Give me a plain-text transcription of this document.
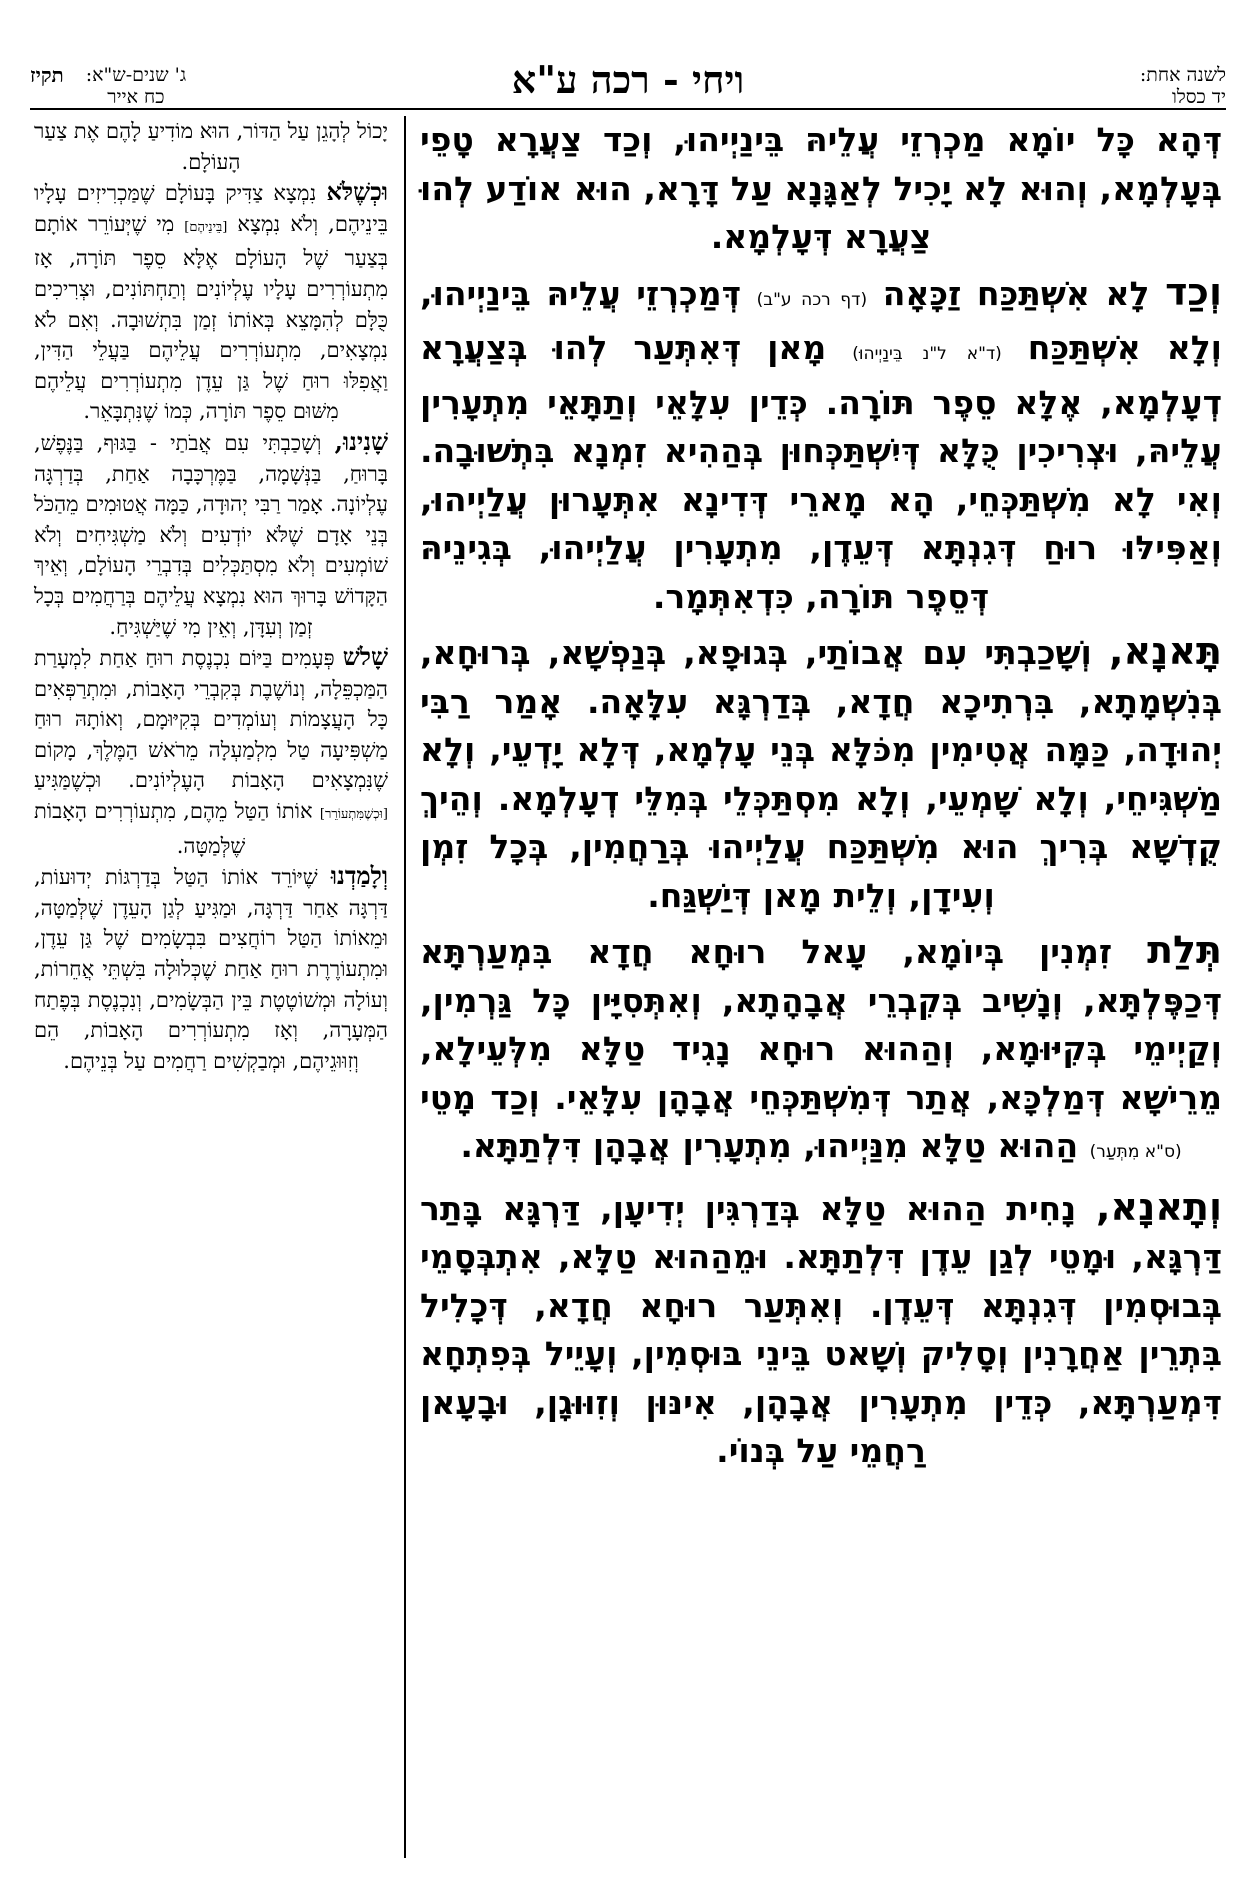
לשנה אחת:
יד כסלו
ויחי - רכה ע"א
ג' שנים-ש"א:
כח אייר
תקיז

דְּהָא כָּל יוֹמָא מַכְרְזֵי עֲלֵיהּ בֵּינַיְיהוּ, וְכַד צַעֲרָא טָפֵי בְּעָלְמָא, וְהוּא לָא יָכִיל לְאַגָּנָא עַל דָּרָא, הוּא אוֹדַע לְהוּ צַעֲרָא דְּעָלְמָא.

וְכַד לָא אִשְׁתַּכַּח זַכָּאָה (דף רכה ע"ב) דְּמַכְרְזֵי עֲלֵיהּ בֵּינַיְיהוּ, וְלָא אִשְׁתַּכַּח (ד"א ל"נ בֵּינַיְיהוּ) מָאן דְּאִתְּעַר לְהוּ בְּצַעֲרָא דְעָלְמָא, אֶלָּא סֵפֶר תּוֹרָה. כְּדֵין עִלָּאֵי וְתַתָּאֵי מִתְעָרִין עֲלֵיהּ, וּצְרִיכִין כֻּלָּא דְּיִשְׁתַּכְּחוּן בְּהַהִיא זִמְנָא בִּתְשׁוּבָה. וְאִי לָא מִשְׁתַּכְּחֵי, הָא מָארֵי דְּדִינָא אִתְּעָרוּן עֲלַיְיהוּ, וְאַפִּילּוּ רוּחַ דְּגִנְתָּא דְּעֵדֶן, מִתְעָרִין עֲלַיְיהוּ, בְּגִינֵיהּ דְּסֵפֶר תּוֹרָה, כִּדְאִתְּמָר.

תָּאנָא, וְשָׁכַבְתִּי עִם אֲבוֹתַי, בְּגוּפָא, בְּנַפְשָׁא, בְּרוּחָא, בְּנִשְׁמָתָא, בִּרְתִיכָא חֲדָא, בְּדַרְגָּא עִלָּאָה. אָמַר רַבִּי יְהוּדָה, כַּמָּה אֲטִימִין מִכֹּלָּא בְּנֵי עָלְמָא, דְּלָא יָדְעֵי, וְלָא מַשְׁגִּיחֵי, וְלָא שָׁמְעֵי, וְלָא מִסְתַּכְּלֵי בְּמִלֵּי דְעָלְמָא. וְהֵיךְ קֻדְשָׁא בְּרִיךְ הוּא מִשְׁתַּכַּח עֲלַיְיהוּ בְּרַחֲמִין, בְּכָל זִמְן וְעִידָן, וְלֵית מָאן דְּיַשְׁגַּח.

תְּלַת זִמְנִין בְּיוֹמָא, עָאל רוּחָא חֲדָא בִּמְעַרְתָּא דְּכַפֶּלְתָּא, וְנָשִׁיב בְּקִבְרֵי אֲבָהָתָא, וְאִתְּסִיָּין כָּל גַּרְמִין, וְקַיְימֵי בְּקִיּוּמָא, וְהַהוּא רוּחָא נָגִיד טַלָּא מִלְּעֵילָא, מֵרֵישָׁא דְּמַלְכָּא, אֲתַר דְּמִשְׁתַּכְּחֵי אֲבָהָן עִלָּאֵי. וְכַד מָטֵי (ס"א מִתְּעַר) הַהוּא טַלָּא מִנַּיְיהוּ, מִתְעָרִין אֲבָהָן דִּלְתַתָּא.

וְתָאנָא, נָחִית הַהוּא טַלָּא בְּדַרְגִּין יְדִיעָן, דַּרְגָּא בָּתַר דַּרְגָּא, וּמָטֵי לְגַן עֵדֶן דִּלְתַתָּא. וּמֵהַהוּא טַלָּא, אִתְבְּסָמֵי בְּבוּסְמִין דְּגִנְתָּא דְּעֵדֶן. וְאִתְּעַר רוּחָא חֲדָא, דְּכָלִיל בִּתְרֵין אַחֲרָנִין וְסָלִיק וְשָׁאט בֵּינֵי בּוּסְמִין, וְעָיֵיל בְּפִתְחָא דִּמְעַרְתָּא, כְּדֵין מִתְעָרִין אֲבָהָן, אִינּוּן וְזִוּוּגָן, וּבָעָאן רַחֲמֵי עַל בְּנוֹי.

יָכוֹל לְהָגֵן עַל הַדּוֹר, הוּא מוֹדִיעַ לָהֶם אֶת צַעַר הָעוֹלָם.

וּכְשֶׁלֹּא נִמְצָא צַדִּיק בָּעוֹלָם שֶׁמַּכְרִיזִים עָלָיו בֵּינֵיהֶם, וְלֹא נִמְצָא [בֵּינֵיהֶם] מִי שֶׁיְּעוֹרֵר אוֹתָם בְּצַעַר שֶׁל הָעוֹלָם אֶלָּא סֵפֶר תּוֹרָה, אָז מִתְעוֹרְרִים עָלָיו עֶלְיוֹנִים וְתַחְתּוֹנִים, וּצְרִיכִים כֻּלָּם לְהִמָּצֵא בְּאוֹתוֹ זְמַן בִּתְשׁוּבָה. וְאִם לֹא נִמְצָאִים, מִתְעוֹרְרִים עֲלֵיהֶם בַּעֲלֵי הַדִּין, וַאֲפִלּוּ רוּחַ שֶׁל גַּן עֵדֶן מִתְעוֹרְרִים עֲלֵיהֶם מִשּׁוּם סֵפֶר תּוֹרָה, כְּמוֹ שֶׁנִּתְבָּאֵר.

שָׁנִינוּ, וְשָׁכַבְתִּי עִם אֲבֹתַי - בַּגּוּף, בַּנֶּפֶשׁ, בָּרוּחַ, בַּנְּשָׁמָה, בַּמֶּרְכָּבָה אַחַת, בְּדַרְגָּה עֶלְיוֹנָה. אָמַר רַבִּי יְהוּדָה, כַּמָּה אֲטוּמִים מֵהַכֹּל בְּנֵי אָדָם שֶׁלֹּא יוֹדְעִים וְלֹא מַשְׁגִּיחִים וְלֹא שׁוֹמְעִים וְלֹא מִסְתַּכְּלִים בְּדִבְרֵי הָעוֹלָם, וְאֵיךְ הַקָּדוֹשׁ בָּרוּךְ הוּא נִמְצָא עֲלֵיהֶם בְּרַחֲמִים בְּכָל זְמַן וְעִדָּן, וְאֵין מִי שֶׁיַּשְׁגִּיחַ.

שָׁלֹשׁ פְּעָמִים בַּיּוֹם נִכְנֶסֶת רוּחַ אַחַת לִמְעָרַת הַמַּכְפֵּלָה, וְנוֹשֶׁבֶת בְּקִבְרֵי הָאָבוֹת, וּמִתְרַפְּאִים כָּל הָעֲצָמוֹת וְעוֹמְדִים בְּקִיּוּמָם, וְאוֹתָהּ רוּחַ מַשְׁפִּיעָה טַל מִלְמַעְלָה מֵרֹאשׁ הַמֶּלֶךְ, מָקוֹם שֶׁנִּמְצָאִים הָאָבוֹת הָעֶלְיוֹנִים. וּכְשֶׁמַּגִּיעַ [וּכְשֶׁמִּתְעוֹרֵר] אוֹתוֹ הַטַּל מֵהֶם, מִתְעוֹרְרִים הָאָבוֹת שֶׁלְּמַטָּה.

וְלָמַדְנוּ שֶׁיּוֹרֵד אוֹתוֹ הַטַּל בְּדַרְגּוֹת יְדוּעוֹת, דַּרְגָּה אַחַר דַּרְגָּה, וּמַגִּיעַ לְגַן הָעֵדֶן שֶׁלְּמַטָּה, וּמֵאוֹתוֹ הַטַּל רוֹחֲצִים בִּבְשָׂמִים שֶׁל גַּן עֵדֶן, וּמִתְעוֹרֶרֶת רוּחַ אַחַת שֶׁכְּלוּלָה בִּשְׁתֵּי אֲחֵרוֹת, וְעוֹלָה וּמְשׁוֹטֶטֶת בֵּין הַבְּשָׂמִים, וְנִכְנֶסֶת בְּפֶתַח הַמְּעָרָה, וְאָז מִתְעוֹרְרִים הָאָבוֹת, הֵם וְזִוּוּגֵיהֶם, וּמְבַקְשִׁים רַחֲמִים עַל בְּנֵיהֶם.
